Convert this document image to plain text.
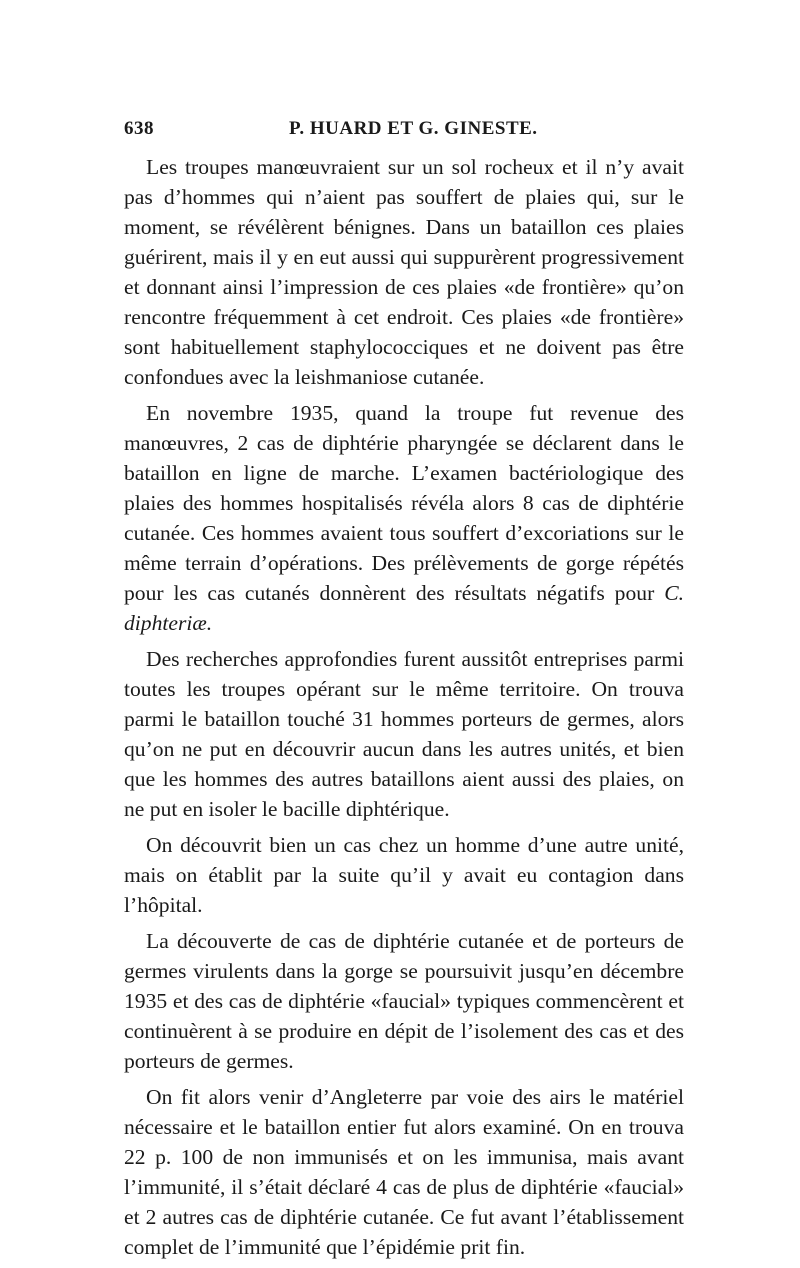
638	P. HUARD ET G. GINESTE.

Les troupes manœuvraient sur un sol rocheux et il n’y avait pas d’hommes qui n’aient pas souffert de plaies qui, sur le moment, se révélèrent bénignes. Dans un bataillon ces plaies guérirent, mais il y en eut aussi qui suppurèrent progressivement et donnant ainsi l’impression de ces plaies «de frontière» qu’on rencontre fréquemment à cet endroit. Ces plaies «de frontière» sont habituellement staphylococciques et ne doivent pas être confondues avec la leishmaniose cutanée.

En novembre 1935, quand la troupe fut revenue des manœuvres, 2 cas de diphtérie pharyngée se déclarent dans le bataillon en ligne de marche. L’examen bactériologique des plaies des hommes hospitalisés révéla alors 8 cas de diphtérie cutanée. Ces hommes avaient tous souffert d’excoriations sur le même terrain d’opérations. Des prélèvements de gorge répétés pour les cas cutanés donnèrent des résultats négatifs pour C. diphteriæ.

Des recherches approfondies furent aussitôt entreprises parmi toutes les troupes opérant sur le même territoire. On trouva parmi le bataillon touché 31 hommes porteurs de germes, alors qu’on ne put en découvrir aucun dans les autres unités, et bien que les hommes des autres bataillons aient aussi des plaies, on ne put en isoler le bacille diphtérique.

On découvrit bien un cas chez un homme d’une autre unité, mais on établit par la suite qu’il y avait eu contagion dans l’hôpital.

La découverte de cas de diphtérie cutanée et de porteurs de germes virulents dans la gorge se poursuivit jusqu’en décembre 1935 et des cas de diphtérie «faucial» typiques commencèrent et continuèrent à se produire en dépit de l’isolement des cas et des porteurs de germes.

On fit alors venir d’Angleterre par voie des airs le matériel nécessaire et le bataillon entier fut alors examiné. On en trouva 22 p. 100 de non immunisés et on les immunisa, mais avant l’immunité, il s’était déclaré 4 cas de plus de diphtérie «faucial» et 2 autres cas de diphtérie cutanée. Ce fut avant l’établissement complet de l’immunité que l’épidémie prit fin.
